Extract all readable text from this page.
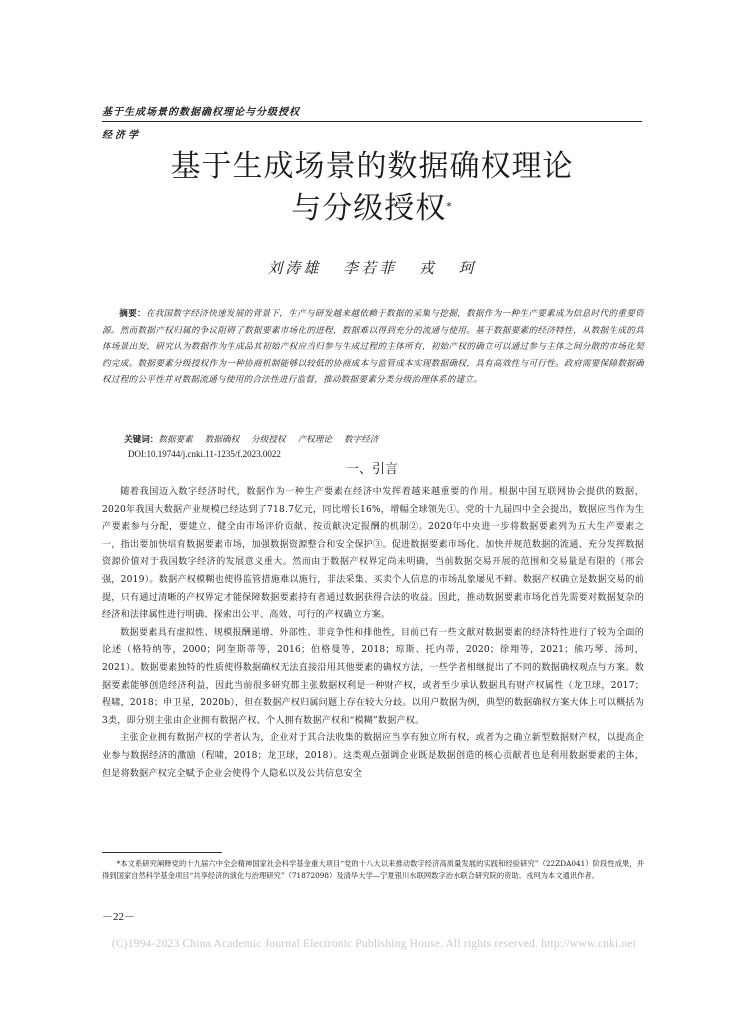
基于生成场景的数据确权理论与分级授权
经济学
基于生成场景的数据确权理论
与分级授权*
刘涛雄 李若菲 戎 珂
摘要：在我国数字经济快速发展的背景下，生产与研发越来越依赖于数据的采集与挖掘，数据作为一种生产要素成为信息时代的重要资源。然而数据产权归属的争议阻碍了数据要素市场化的进程，数据难以得到充分的流通与使用。基于数据要素的经济特性，从数据生成的具体场景出发，研究认为数据作为生成品其初始产权应当归参与生成过程的主体所有，初始产权的确立可以通过参与主体之间分散的市场化契约完成。数据要素分级授权作为一种协商机制能够以较低的协商成本与监管成本实现数据确权，具有高效性与可行性。政府需要保障数据确权过程的公平性并对数据流通与使用的合法性进行监督，推动数据要素分类分级治理体系的建立。
关键词：数据要素 数据确权 分级授权 产权理论 数字经济
DOI:10.19744/j.cnki.11-1235/f.2023.0022
一、引言

随着我国迈入数字经济时代，数据作为一种生产要素在经济中发挥着越来越重要的作用。根据中国互联网协会提供的数据，2020年我国大数据产业规模已经达到了718.7亿元，同比增长16%，增幅全球领先①。党的十九届四中全会提出，数据应当作为生产要素参与分配，要建立、健全由市场评价贡献、按贡献决定报酬的机制②。2020年中央进一步将数据要素列为五大生产要素之一，指出要加快培育数据要素市场，加强数据资源整合和安全保护③。促进数据要素市场化、加快并规范数据的流通、充分发挥数据资源价值对于我国数字经济的发展意义重大。然而由于数据产权界定尚未明确，当前数据交易开展的范围和交易量是有限的（邢会强，2019）。数据产权模糊也使得监管措施难以施行，非法采集、买卖个人信息的市场乱象屡见不鲜。数据产权确立是数据交易的前提，只有通过清晰的产权界定才能保障数据要素持有者通过数据获得合法的收益。因此，推动数据要素市场化首先需要对数据复杂的经济和法律属性进行明确、探索出公平、高效、可行的产权确立方案。

数据要素具有虚拟性、规模报酬递增、外部性、非竞争性和排他性，目前已有一些文献对数据要素的经济特性进行了较为全面的论述（格特纳等，2000；阿奎斯蒂等，2016；伯格曼等，2018；琼斯、托内蒂，2020；徐翔等，2021；熊巧琴、汤珂，2021）。数据要素独特的性质使得数据确权无法直接沿用其他要素的确权方法，一些学者相继提出了不同的数据确权观点与方案。数据要素能够创造经济利益，因此当前很多研究都主张数据权利是一种财产权，或者至少承认数据具有财产权属性（龙卫球，2017；程啸，2018；申卫星，2020b），但在数据产权归属问题上存在较大分歧。以用户数据为例，典型的数据确权方案大体上可以概括为3类，即分别主张由企业拥有数据产权、个人拥有数据产权和“模糊”数据产权。

主张企业拥有数据产权的学者认为，企业对于其合法收集的数据应当享有独立所有权，或者为之确立新型数据财产权，以提高企业参与数据经济的激励（程啸，2018；龙卫球，2018）。这类观点强调企业既是数据创造的核心贡献者也是利用数据要素的主体，但是将数据产权完全赋予企业会使得个人隐私以及公共信息安全

*本文系研究阐释党的十九届六中全会精神国家社会科学基金重大项目“党的十八大以来推动数字经济高质量发展的实践和经验研究”（22ZDA041）阶段性成果，并得到国家自然科学基金项目“共享经济的演化与治理研究”（71872098）及清华大学—宁夏银川水联网数字治水联合研究院的资助。戎珂为本文通讯作者。
－22－
(C)1994-2023 China Academic Journal Electronic Publishing House. All rights reserved. http://www.cnki.net
